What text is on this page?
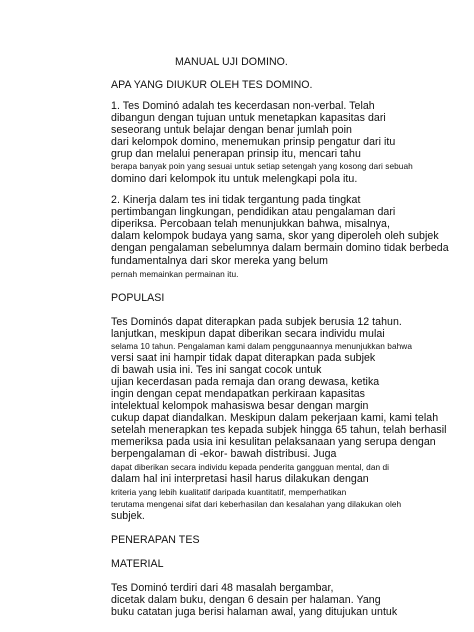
MANUAL UJI DOMINO.
APA YANG DIUKUR OLEH TES DOMINO.
1. Tes Dominó adalah tes kecerdasan non-verbal. Telah
dibangun dengan tujuan untuk menetapkan kapasitas dari
seseorang untuk belajar dengan benar jumlah poin
dari kelompok domino, menemukan prinsip pengatur dari itu
grup dan melalui penerapan prinsip itu, mencari tahu
berapa banyak poin yang sesuai untuk setiap setengah yang kosong dari sebuah
domino dari kelompok itu untuk melengkapi pola itu.
2. Kinerja dalam tes ini tidak tergantung pada tingkat
pertimbangan lingkungan, pendidikan atau pengalaman dari
diperiksa. Percobaan telah menunjukkan bahwa, misalnya,
dalam kelompok budaya yang sama, skor yang diperoleh oleh subjek
dengan pengalaman sebelumnya dalam bermain domino tidak berbeda
fundamentalnya dari skor mereka yang belum
pernah memainkan permainan itu.
POPULASI
Tes Dominós dapat diterapkan pada subjek berusia 12 tahun.
lanjutkan, meskipun dapat diberikan secara individu mulai
selama 10 tahun. Pengalaman kami dalam penggunaannya menunjukkan bahwa
versi saat ini hampir tidak dapat diterapkan pada subjek
di bawah usia ini. Tes ini sangat cocok untuk
ujian kecerdasan pada remaja dan orang dewasa, ketika
ingin dengan cepat mendapatkan perkiraan kapasitas
intelektual kelompok mahasiswa besar dengan margin
cukup dapat diandalkan. Meskipun dalam pekerjaan kami, kami telah
setelah menerapkan tes kepada subjek hingga 65 tahun, telah berhasil
memeriksa pada usia ini kesulitan pelaksanaan yang serupa dengan
berpengalaman di -ekor- bawah distribusi. Juga
dapat diberikan secara individu kepada penderita gangguan mental, dan di
dalam hal ini interpretasi hasil harus dilakukan dengan
kriteria yang lebih kualitatif daripada kuantitatif, memperhatikan
terutama mengenai sifat dari keberhasilan dan kesalahan yang dilakukan oleh
subjek.
PENERAPAN TES
MATERIAL
Tes Dominó terdiri dari 48 masalah bergambar,
dicetak dalam buku, dengan 6 desain per halaman. Yang
buku catatan juga berisi halaman awal, yang ditujukan untuk
